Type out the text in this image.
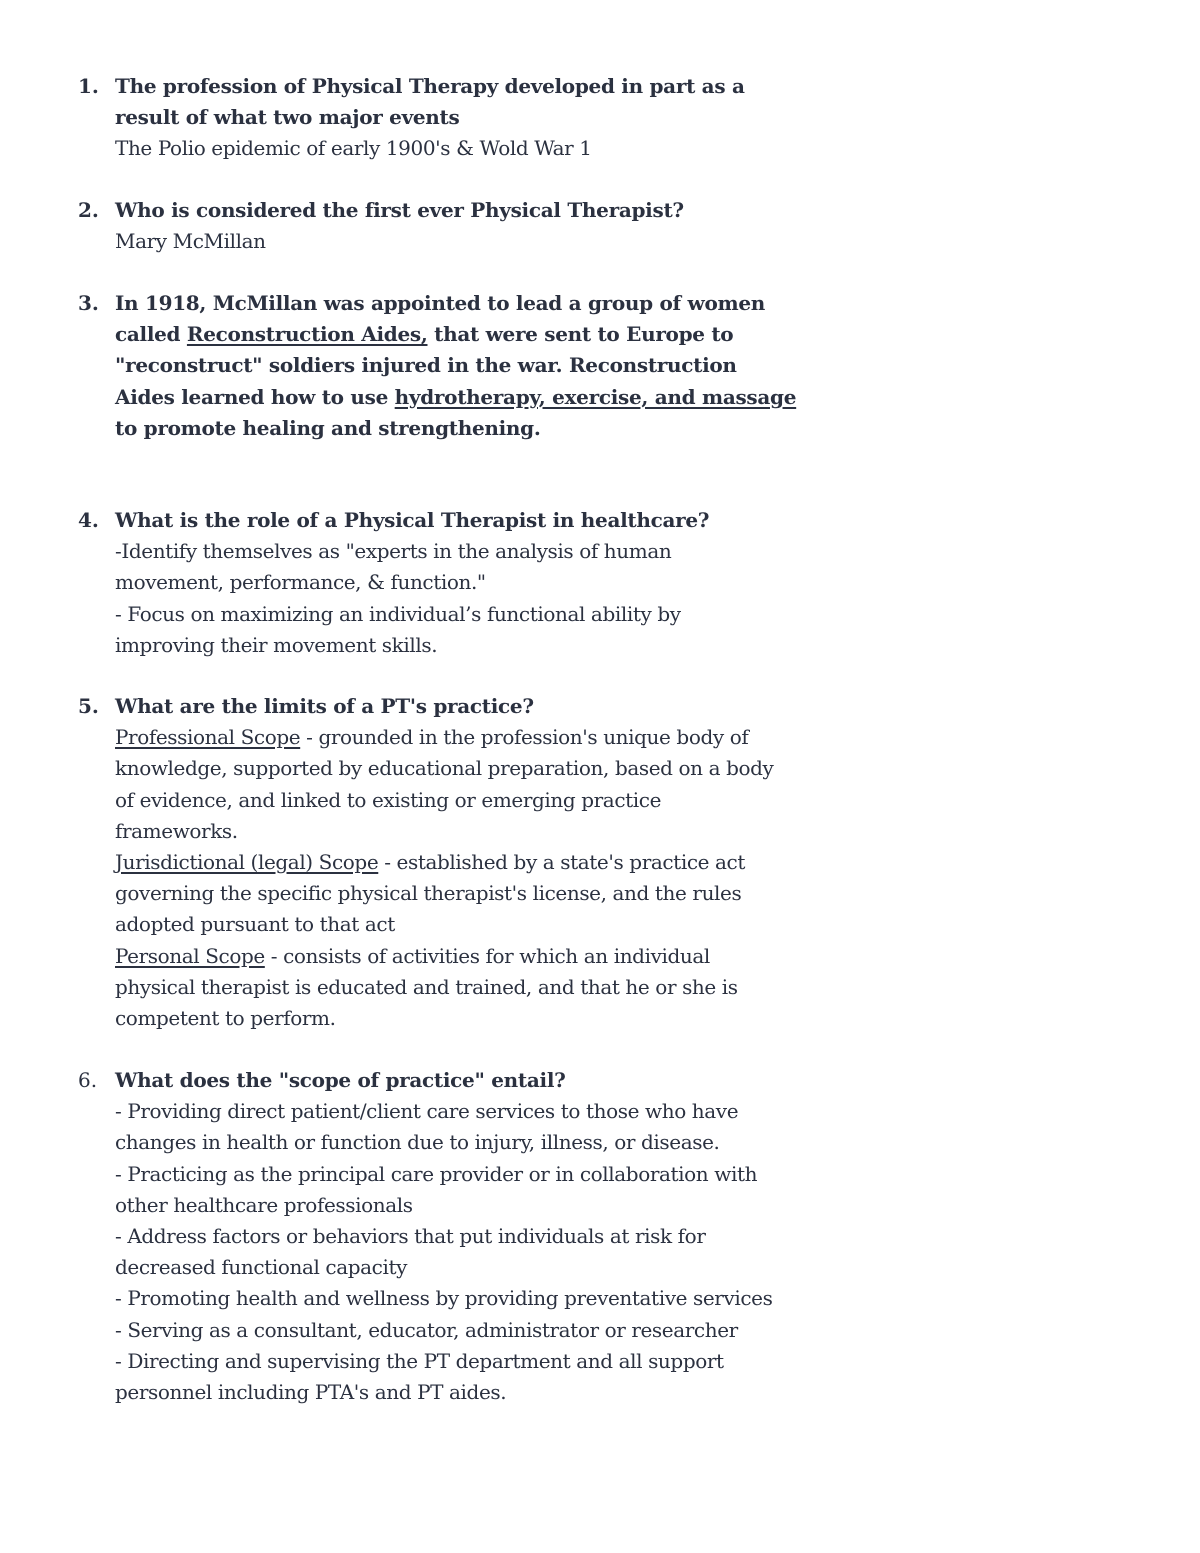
1. The profession of Physical Therapy developed in part as a
result of what two major events
The Polio epidemic of early 1900's & Wold War 1
2. Who is considered the first ever Physical Therapist?
Mary McMillan
3. In 1918, McMillan was appointed to lead a group of women
called Reconstruction Aides, that were sent to Europe to
"reconstruct" soldiers injured in the war. Reconstruction
Aides learned how to use hydrotherapy, exercise, and massage
to promote healing and strengthening.
4. What is the role of a Physical Therapist in healthcare?
-Identify themselves as "experts in the analysis of human
movement, performance, & function."
- Focus on maximizing an individual’s functional ability by
improving their movement skills.
5. What are the limits of a PT's practice?
Professional Scope - grounded in the profession's unique body of
knowledge, supported by educational preparation, based on a body
of evidence, and linked to existing or emerging practice
frameworks.
Jurisdictional (legal) Scope - established by a state's practice act
governing the specific physical therapist's license, and the rules
adopted pursuant to that act
Personal Scope - consists of activities for which an individual
physical therapist is educated and trained, and that he or she is
competent to perform.
6. What does the "scope of practice" entail?
- Providing direct patient/client care services to those who have
changes in health or function due to injury, illness, or disease.
- Practicing as the principal care provider or in collaboration with
other healthcare professionals
- Address factors or behaviors that put individuals at risk for
decreased functional capacity
- Promoting health and wellness by providing preventative services
- Serving as a consultant, educator, administrator or researcher
- Directing and supervising the PT department and all support
personnel including PTA's and PT aides.
